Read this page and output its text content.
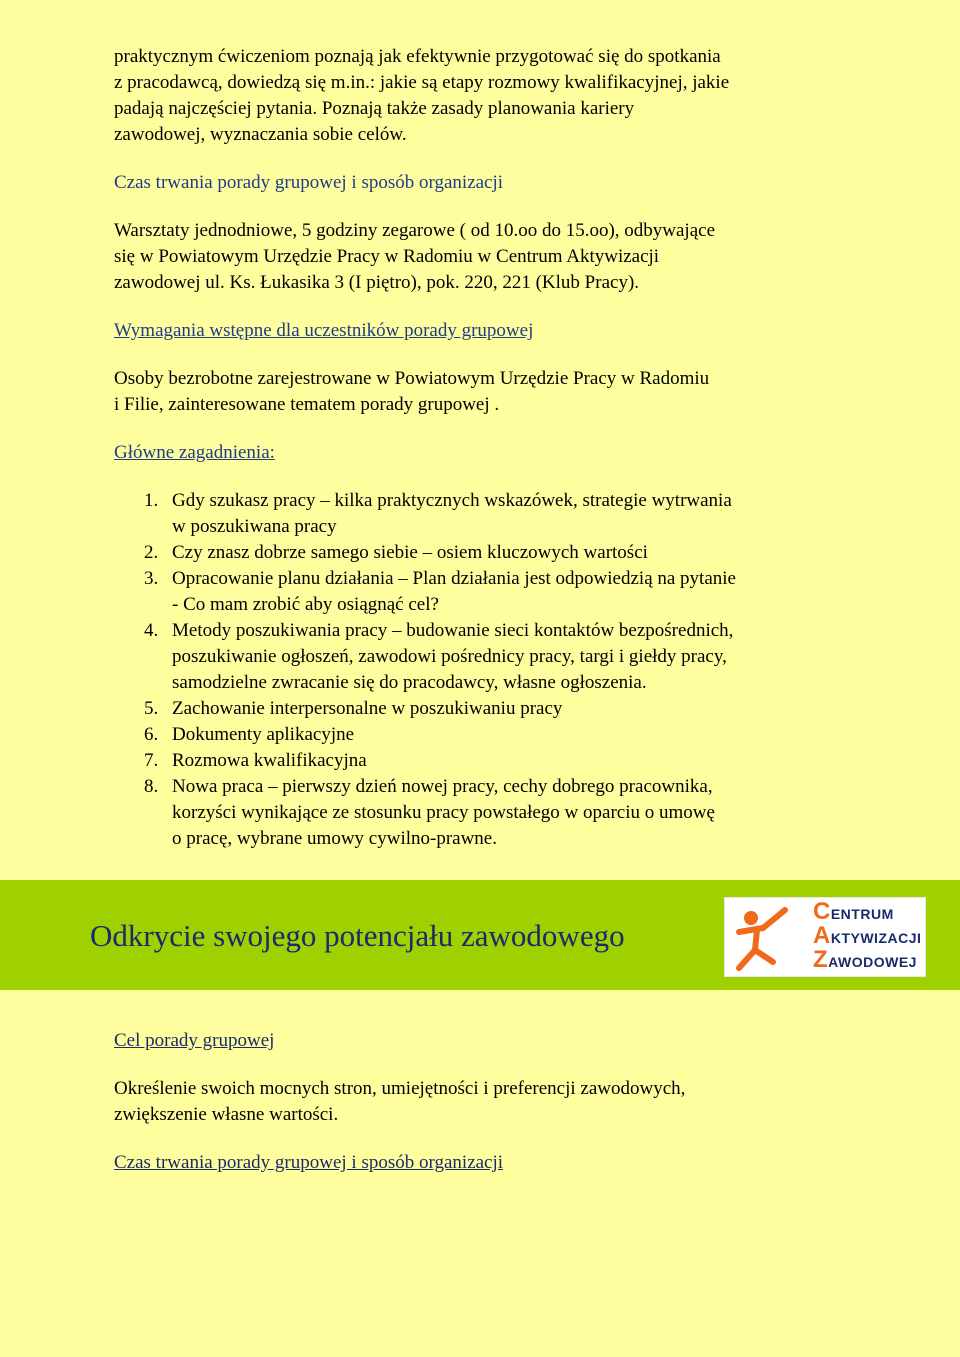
praktycznym ćwiczeniom poznają jak efektywnie przygotować się do spotkania

z pracodawcą, dowiedzą się m.in.: jakie są etapy rozmowy kwalifikacyjnej, jakie

padają najczęściej pytania. Poznają także zasady planowania kariery

zawodowej, wyznaczania sobie celów.

Czas trwania porady grupowej i sposób organizacji

Warsztaty jednodniowe, 5 godziny zegarowe ( od 10.oo do 15.oo), odbywające

się w Powiatowym Urzędzie Pracy w Radomiu w Centrum Aktywizacji

zawodowej ul. Ks. Łukasika 3 (I piętro), pok. 220, 221 (Klub Pracy).

Wymagania wstępne dla uczestników porady grupowej

Osoby bezrobotne zarejestrowane w Powiatowym Urzędzie Pracy w Radomiu

i Filie, zainteresowane tematem porady grupowej .

Główne zagadnienia:

1. Gdy szukasz pracy – kilka praktycznych wskazówek, strategie wytrwania
w poszukiwana pracy
2. Czy znasz dobrze samego siebie – osiem kluczowych wartości
3. Opracowanie planu działania – Plan działania jest odpowiedzią na pytanie
- Co mam zrobić aby osiągnąć cel?
4. Metody poszukiwania pracy – budowanie sieci kontaktów bezpośrednich,
poszukiwanie ogłoszeń, zawodowi pośrednicy pracy, targi i giełdy pracy,
samodzielne zwracanie się do pracodawcy, własne ogłoszenia.
5. Zachowanie interpersonalne w poszukiwaniu pracy
6. Dokumenty aplikacyjne
7. Rozmowa kwalifikacyjna
8. Nowa praca – pierwszy dzień nowej pracy, cechy dobrego pracownika,
korzyści wynikające ze stosunku pracy powstałego w oparciu o umowę
o pracę, wybrane umowy cywilno-prawne.
Odkrycie swojego potencjału zawodowego
CENTRUM
AKTYWIZACJI
ZAWODOWEJ

Cel porady grupowej

Określenie swoich mocnych stron, umiejętności i preferencji zawodowych,

zwiększenie własne wartości.

Czas trwania porady grupowej i sposób organizacji
